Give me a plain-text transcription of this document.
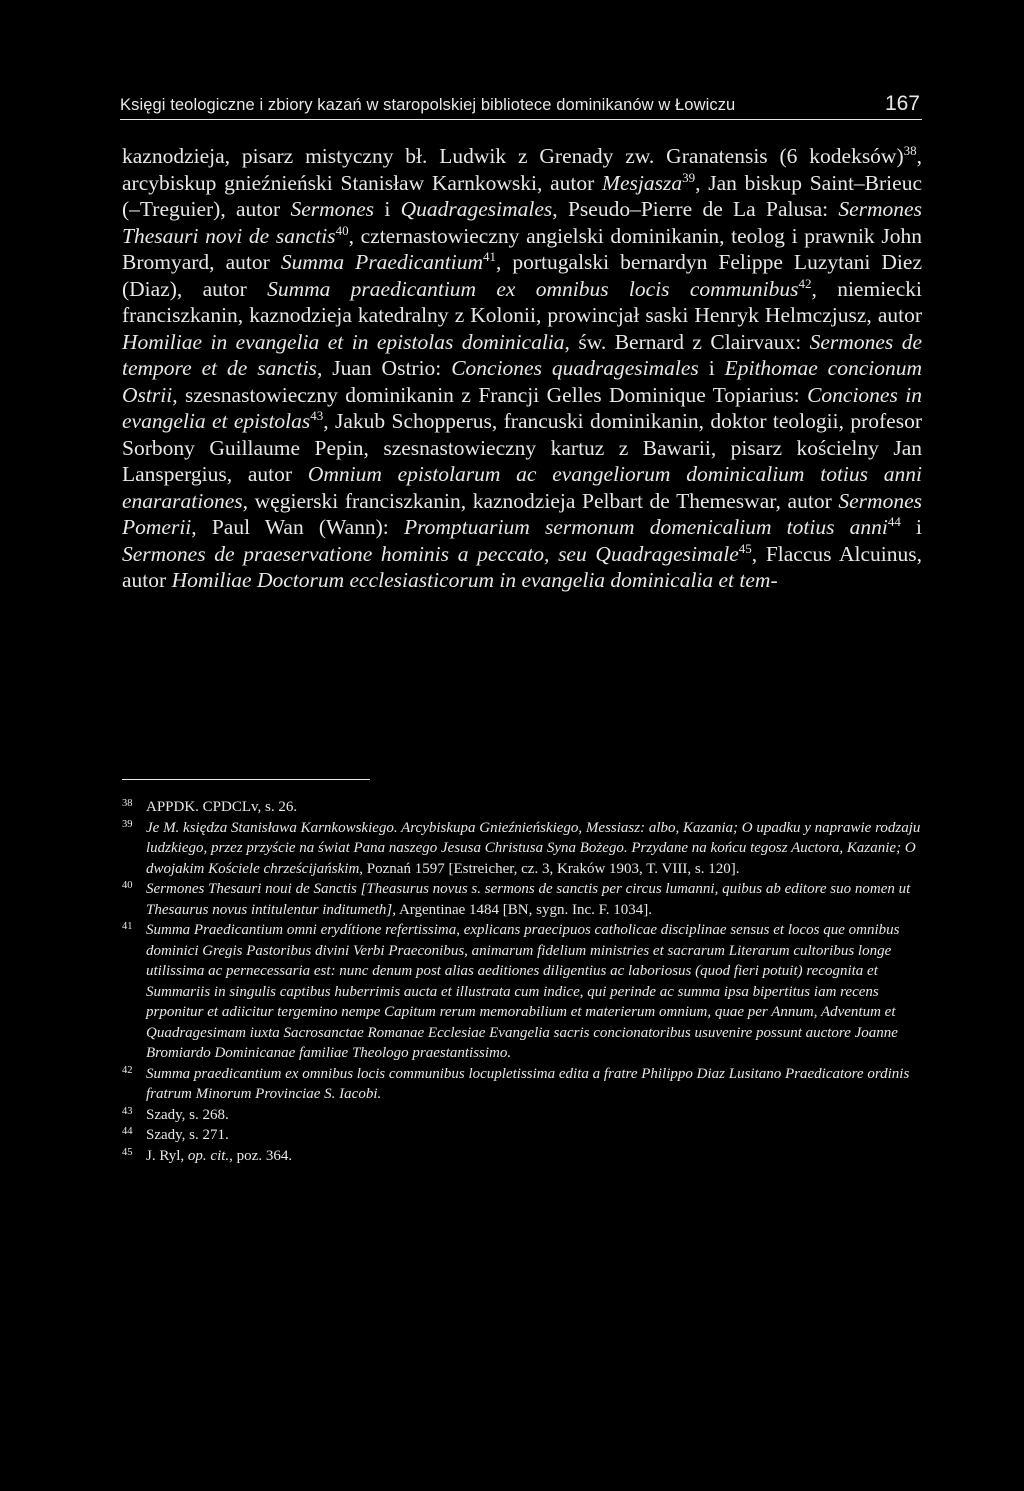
Księgi teologiczne i zbiory kazań w staropolskiej bibliotece dominikanów w Łowiczu	167
kaznodzieja, pisarz mistyczny bł. Ludwik z Grenady zw. Granatensis (6 kodeksów)$^{38}$, arcybiskup gnieźnieński Stanisław Karnkowski, autor Mesjasza$^{39}$, Jan biskup Saint–Brieuc (–Treguier), autor Sermones i Quadragesimales, Pseudo–Pierre de La Palusa: Sermones Thesauri novi de sanctis$^{40}$, czternastowieczny angielski dominikanin, teolog i prawnik John Bromyard, autor Summa Praedicantium$^{41}$, portugalski bernardyn Felippe Luzytani Diez (Diaz), autor Summa praedicantium ex omnibus locis communibus$^{42}$, niemiecki franciszkanin, kaznodzieja katedralny z Kolonii, prowincjał saski Henryk Helmczjusz, autor Homiliae in evangelia et in epistolas dominicalia, św. Bernard z Clairvaux: Sermones de tempore et de sanctis, Juan Ostrio: Conciones quadragesimales i Epithomae concionum Ostrii, szesnastowieczny dominikanin z Francji Gelles Dominique Topiarius: Conciones in evangelia et epistolas$^{43}$, Jakub Schopperus, francuski dominikanin, doktor teologii, profesor Sorbony Guillaume Pepin, szesnastowieczny kartuz z Bawarii, pisarz kościelny Jan Lanspergius, autor Omnium epistolarum ac evangeliorum dominicalium totius anni enararationes, węgierski franciszkanin, kaznodzieja Pelbart de Themeswar, autor Sermones Pomerii, Paul Wan (Wann): Promptuarium sermonum domenicalium totius anni$^{44}$ i Sermones de praeservatione hominis a peccato, seu Quadragesimale$^{45}$, Flaccus Alcuinus, autor Homiliae Doctorum ecclesiasticorum in evangelia dominicalia et tem-
38 APPDK. CPDCLv, s. 26.
39 Je M. księdza Stanisława Karnkowskiego. Arcybiskupa Gnieźnieńskiego, Messiasz: albo, Kazania; O upadku y naprawie rodzaju ludzkiego, przez przyście na świat Pana naszego Jesusa Christusa Syna Bożego. Przydane na końcu tegosz Auctora, Kazanie; O dwojakim Kościele chrześcijańskim, Poznań 1597 [Estreicher, cz. 3, Kraków 1903, T. VIII, s. 120].
40 Sermones Thesauri noui de Sanctis [Theasurus novus s. sermons de sanctis per circus lumanni, quibus ab editore suo nomen ut Thesaurus novus intitulentur inditumeth], Argentinae 1484 [BN, sygn. Inc. F. 1034].
41 Summa Praedicantium omni erydítione refertissima, explicans praecipuos catholicae disciplinae sensus et locos que omnibus dominici Gregis Pastoribus divini Verbi Praeconibus, animarum fidelium ministries et sacrarum Literarum cultoribus longe utilissima ac pernecessaria est: nunc denum post alias aeditiones diligentius ac laboriosus (quod fieri potuit) recognita et Summariis in singulis captibus huberrimis aucta et illustrata cum indice, qui perinde ac summa ipsa bipertitus iam recens prponitur et adiicitur tergemino nempe Capitum rerum memorabilium et materierum omnium, quae per Annum, Adventum et Quadragesimam iuxta Sacrosanctae Romanae Ecclesiae Evangelia sacris concionatoribus usuvenire possunt auctore Joanne Bromiardo Dominicanae familiae Theologo praestantissimo.
42 Summa praedicantium ex omnibus locis communibus locupletissima edita a fratre Philippo Diaz Lusitano Praedicatore ordinis fratrum Minorum Provinciae S. Iacobi.
43 Szady, s. 268.
44 Szady, s. 271.
45 J. Ryl, op. cit., poz. 364.
